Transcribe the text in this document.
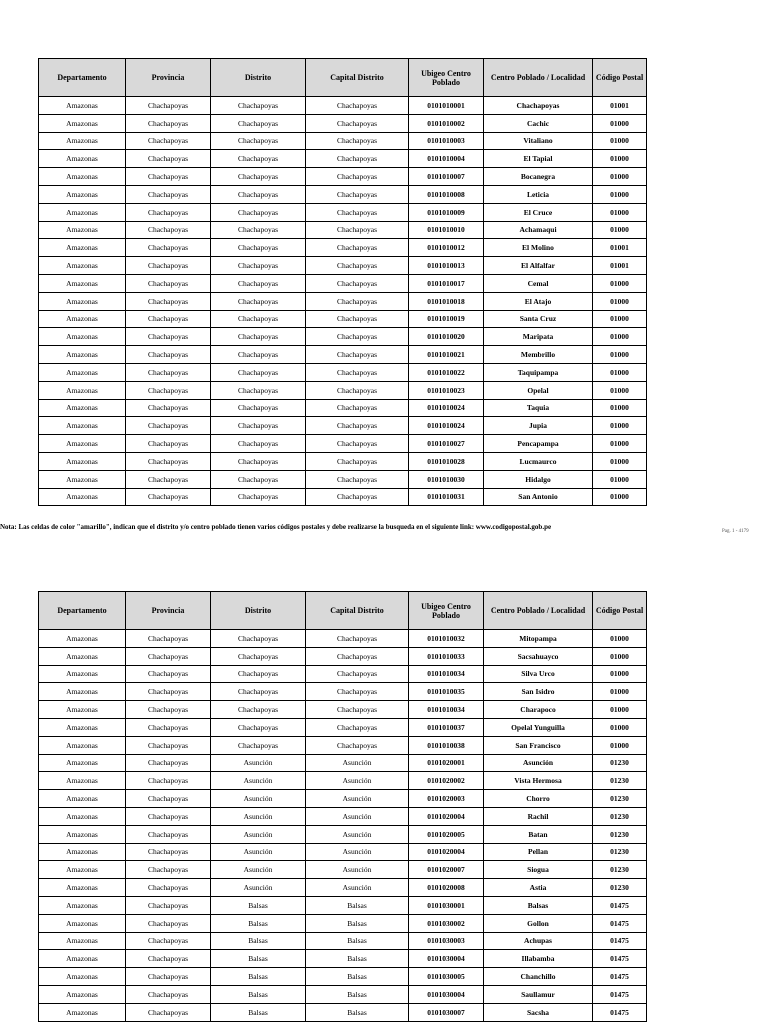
Departamento	Provincia	Distrito	Capital Distrito	Ubigeo Centro Poblado	Centro Poblado / Localidad	Código Postal
Amazonas	Chachapoyas	Chachapoyas	Chachapoyas	0101010001	Chachapoyas	01001
Amazonas	Chachapoyas	Chachapoyas	Chachapoyas	0101010002	Cachic	01000
Amazonas	Chachapoyas	Chachapoyas	Chachapoyas	0101010003	Vitaliano	01000
Amazonas	Chachapoyas	Chachapoyas	Chachapoyas	0101010004	El Tapial	01000
Amazonas	Chachapoyas	Chachapoyas	Chachapoyas	0101010007	Bocanegra	01000
Amazonas	Chachapoyas	Chachapoyas	Chachapoyas	0101010008	Leticia	01000
Amazonas	Chachapoyas	Chachapoyas	Chachapoyas	0101010009	El Cruce	01000
Amazonas	Chachapoyas	Chachapoyas	Chachapoyas	0101010010	Achamaqui	01000
Amazonas	Chachapoyas	Chachapoyas	Chachapoyas	0101010012	El Molino	01001
Amazonas	Chachapoyas	Chachapoyas	Chachapoyas	0101010013	El Alfalfar	01001
Amazonas	Chachapoyas	Chachapoyas	Chachapoyas	0101010017	Cemal	01000
Amazonas	Chachapoyas	Chachapoyas	Chachapoyas	0101010018	El Atajo	01000
Amazonas	Chachapoyas	Chachapoyas	Chachapoyas	0101010019	Santa Cruz	01000
Amazonas	Chachapoyas	Chachapoyas	Chachapoyas	0101010020	Maripata	01000
Amazonas	Chachapoyas	Chachapoyas	Chachapoyas	0101010021	Membrillo	01000
Amazonas	Chachapoyas	Chachapoyas	Chachapoyas	0101010022	Taquipampa	01000
Amazonas	Chachapoyas	Chachapoyas	Chachapoyas	0101010023	Opelal	01000
Amazonas	Chachapoyas	Chachapoyas	Chachapoyas	0101010024	Taquia	01000
Amazonas	Chachapoyas	Chachapoyas	Chachapoyas	0101010024	Jupia	01000
Amazonas	Chachapoyas	Chachapoyas	Chachapoyas	0101010027	Pencapampa	01000
Amazonas	Chachapoyas	Chachapoyas	Chachapoyas	0101010028	Lucmaurco	01000
Amazonas	Chachapoyas	Chachapoyas	Chachapoyas	0101010030	Hidalgo	01000
Amazonas	Chachapoyas	Chachapoyas	Chachapoyas	0101010031	San Antonio	01000
Nota: Las celdas de color "amarillo", indican que el distrito y/o centro poblado tienen varios códigos postales y debe realizarse la busqueda en el siguiente link: www.codigopostal.gob.pe
Pag. 1 - 4179
Departamento	Provincia	Distrito	Capital Distrito	Ubigeo Centro Poblado	Centro Poblado / Localidad	Código Postal
Amazonas	Chachapoyas	Chachapoyas	Chachapoyas	0101010032	Mitopampa	01000
Amazonas	Chachapoyas	Chachapoyas	Chachapoyas	0101010033	Sacsahuayco	01000
Amazonas	Chachapoyas	Chachapoyas	Chachapoyas	0101010034	Silva Urco	01000
Amazonas	Chachapoyas	Chachapoyas	Chachapoyas	0101010035	San Isidro	01000
Amazonas	Chachapoyas	Chachapoyas	Chachapoyas	0101010034	Charapoco	01000
Amazonas	Chachapoyas	Chachapoyas	Chachapoyas	0101010037	Opelal Yunguilla	01000
Amazonas	Chachapoyas	Chachapoyas	Chachapoyas	0101010038	San Francisco	01000
Amazonas	Chachapoyas	Asunción	Asunción	0101020001	Asunción	01230
Amazonas	Chachapoyas	Asunción	Asunción	0101020002	Vista Hermosa	01230
Amazonas	Chachapoyas	Asunción	Asunción	0101020003	Chorro	01230
Amazonas	Chachapoyas	Asunción	Asunción	0101020004	Rachil	01230
Amazonas	Chachapoyas	Asunción	Asunción	0101020005	Batan	01230
Amazonas	Chachapoyas	Asunción	Asunción	0101020004	Pellan	01230
Amazonas	Chachapoyas	Asunción	Asunción	0101020007	Siogua	01230
Amazonas	Chachapoyas	Asunción	Asunción	0101020008	Astia	01230
Amazonas	Chachapoyas	Balsas	Balsas	0101030001	Balsas	01475
Amazonas	Chachapoyas	Balsas	Balsas	0101030002	Gollon	01475
Amazonas	Chachapoyas	Balsas	Balsas	0101030003	Achupas	01475
Amazonas	Chachapoyas	Balsas	Balsas	0101030004	Illabamba	01475
Amazonas	Chachapoyas	Balsas	Balsas	0101030005	Chanchillo	01475
Amazonas	Chachapoyas	Balsas	Balsas	0101030004	Saullamur	01475
Amazonas	Chachapoyas	Balsas	Balsas	0101030007	Sacsha	01475
